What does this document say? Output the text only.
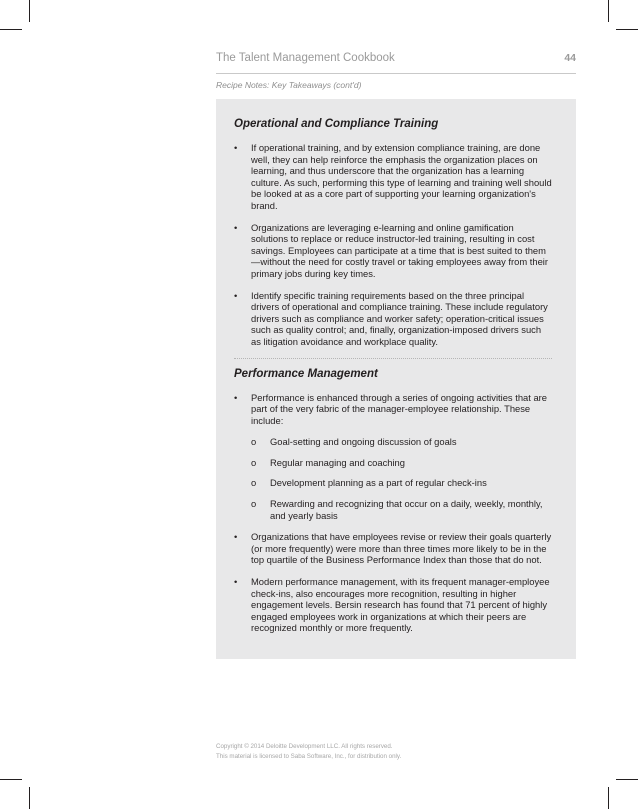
The Talent Management Cookbook	44
Recipe Notes: Key Takeaways (cont'd)
Operational and Compliance Training
• If operational training, and by extension compliance training, are done well, they can help reinforce the emphasis the organization places on learning, and thus underscore that the organization has a learning culture. As such, performing this type of learning and training well should be looked at as a core part of supporting your learning organization's brand.
• Organizations are leveraging e-learning and online gamification solutions to replace or reduce instructor-led training, resulting in cost savings. Employees can participate at a time that is best suited to them—without the need for costly travel or taking employees away from their primary jobs during key times.
• Identify specific training requirements based on the three principal drivers of operational and compliance training. These include regulatory drivers such as compliance and worker safety; operation-critical issues such as quality control; and, finally, organization-imposed drivers such as litigation avoidance and workplace quality.
Performance Management
• Performance is enhanced through a series of ongoing activities that are part of the very fabric of the manager-employee relationship. These include:
o Goal-setting and ongoing discussion of goals
o Regular managing and coaching
o Development planning as a part of regular check-ins
o Rewarding and recognizing that occur on a daily, weekly, monthly, and yearly basis
• Organizations that have employees revise or review their goals quarterly (or more frequently) were more than three times more likely to be in the top quartile of the Business Performance Index than those that do not.
• Modern performance management, with its frequent manager-employee check-ins, also encourages more recognition, resulting in higher engagement levels. Bersin research has found that 71 percent of highly engaged employees work in organizations at which their peers are recognized monthly or more frequently.
Copyright © 2014 Deloitte Development LLC. All rights reserved.
This material is licensed to Saba Software, Inc., for distribution only.
